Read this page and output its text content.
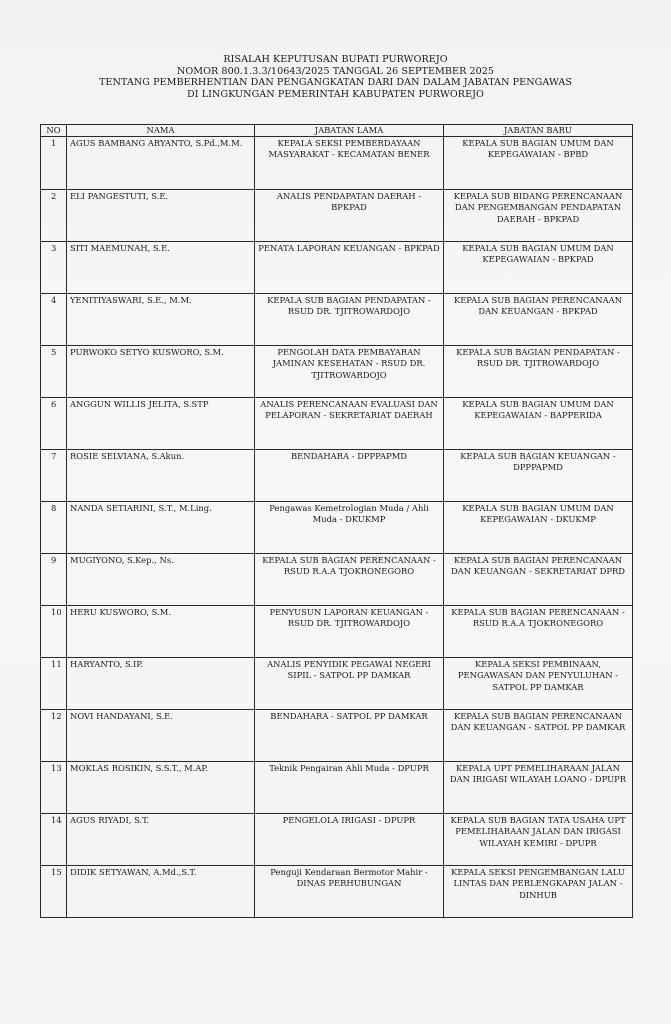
RISALAH KEPUTUSAN BUPATI PURWOREJO
NOMOR 800.1.3.3/10643/2025 TANGGAL 26 SEPTEMBER 2025
TENTANG PEMBERHENTIAN DAN PENGANGKATAN DARI DAN DALAM JABATAN PENGAWAS
DI LINGKUNGAN PEMERINTAH KABUPATEN PURWOREJO
NO	NAMA	JABATAN LAMA	JABATAN BARU
1	AGUS BAMBANG ARYANTO, S.Pd.,M.M.	KEPALA SEKSI PEMBERDAYAAN MASYARAKAT - KECAMATAN BENER	KEPALA SUB BAGIAN UMUM DAN KEPEGAWAIAN - BPBD
2	ELI PANGESTUTI, S.E.	ANALIS PENDAPATAN DAERAH - BPKPAD	KEPALA SUB BIDANG PERENCANAAN DAN PENGEMBANGAN PENDAPATAN DAERAH - BPKPAD
3	SITI MAEMUNAH, S.E.	PENATA LAPORAN KEUANGAN - BPKPAD	KEPALA SUB BAGIAN UMUM DAN KEPEGAWAIAN - BPKPAD
4	YENITIYASWARI, S.E., M.M.	KEPALA SUB BAGIAN PENDAPATAN - RSUD DR. TJITROWARDOJO	KEPALA SUB BAGIAN PERENCANAAN DAN KEUANGAN - BPKPAD
5	PURWOKO SETYO KUSWORO, S.M.	PENGOLAH DATA PEMBAYARAN JAMINAN KESEHATAN - RSUD DR. TJITROWARDOJO	KEPALA SUB BAGIAN PENDAPATAN - RSUD DR. TJITROWARDOJO
6	ANGGUN WILLIS JELITA, S.STP	ANALIS PERENCANAAN EVALUASI DAN PELAPORAN - SEKRETARIAT DAERAH	KEPALA SUB BAGIAN UMUM DAN KEPEGAWAIAN - BAPPERIDA
7	ROSIE SELVIANA, S.Akun.	BENDAHARA - DPPPAPMD	KEPALA SUB BAGIAN KEUANGAN - DPPPAPMD
8	NANDA SETIARINI, S.T., M.Ling.	Pengawas Kemetrologian Muda / Ahli Muda - DKUKMP	KEPALA SUB BAGIAN UMUM DAN KEPEGAWAIAN - DKUKMP
9	MUGIYONO, S.Kep., Ns.	KEPALA SUB BAGIAN PERENCANAAN - RSUD R.A.A TJOKRONEGORO	KEPALA SUB BAGIAN PERENCANAAN DAN KEUANGAN - SEKRETARIAT DPRD
10	HERU KUSWORO, S.M.	PENYUSUN LAPORAN KEUANGAN - RSUD DR. TJITROWARDOJO	KEPALA SUB BAGIAN PERENCANAAN - RSUD R.A.A TJOKRONEGORO
11	HARYANTO, S.IP.	ANALIS PENYIDIK PEGAWAI NEGERI SIPIL - SATPOL PP DAMKAR	KEPALA SEKSI PEMBINAAN, PENGAWASAN DAN PENYULUHAN - SATPOL PP DAMKAR
12	NOVI HANDAYANI, S.E.	BENDAHARA - SATPOL PP DAMKAR	KEPALA SUB BAGIAN PERENCANAAN DAN KEUANGAN - SATPOL PP DAMKAR
13	MOKLAS ROSIKIN, S.S.T., M.AP.	Teknik Pengairan Ahli Muda - DPUPR	KEPALA UPT PEMELIHARAAN JALAN DAN IRIGASI WILAYAH LOANO - DPUPR
14	AGUS RIYADI, S.T.	PENGELOLA IRIGASI - DPUPR	KEPALA SUB BAGIAN TATA USAHA UPT PEMELIHARAAN JALAN DAN IRIGASI WILAYAH KEMIRI - DPUPR
15	DIDIK SETYAWAN, A.Md.,S.T.	Penguji Kendaraan Bermotor Mahir - DINAS PERHUBUNGAN	KEPALA SEKSI PENGEMBANGAN LALU LINTAS DAN PERLENGKAPAN JALAN - DINHUB
